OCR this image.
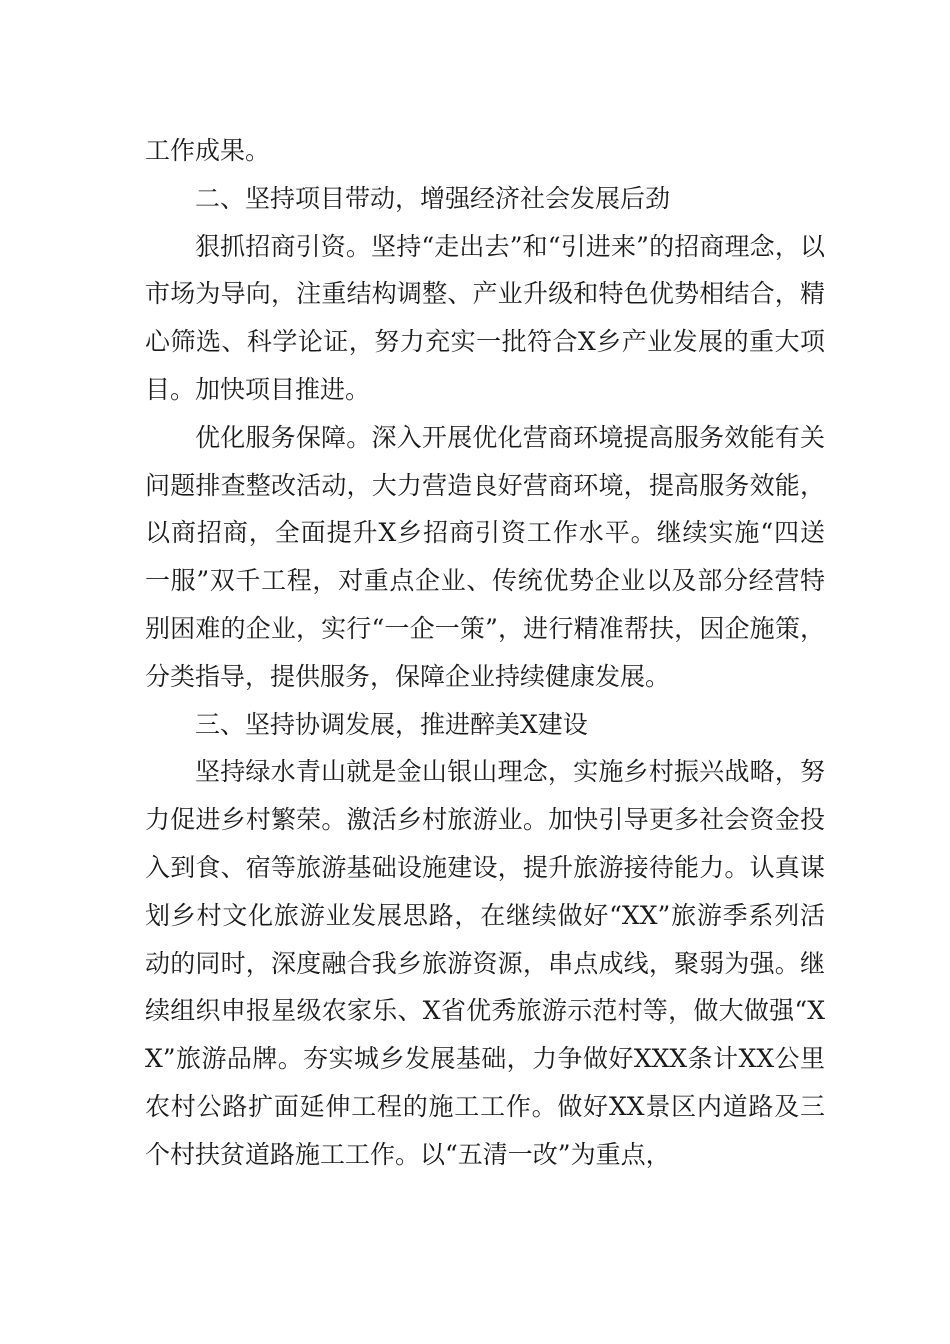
工作成果。

二、坚持项目带动，增强经济社会发展后劲

狠抓招商引资。坚持“走出去”和“引进来”的招商理念，以市场为导向，注重结构调整、产业升级和特色优势相结合，精心筛选、科学论证，努力充实一批符合X乡产业发展的重大项目。加快项目推进。

优化服务保障。深入开展优化营商环境提高服务效能有关问题排查整改活动，大力营造良好营商环境，提高服务效能，以商招商，全面提升X乡招商引资工作水平。继续实施“四送一服”双千工程，对重点企业、传统优势企业以及部分经营特别困难的企业，实行“一企一策”，进行精准帮扶，因企施策，分类指导，提供服务，保障企业持续健康发展。

三、坚持协调发展，推进醉美X建设

坚持绿水青山就是金山银山理念，实施乡村振兴战略，努力促进乡村繁荣。激活乡村旅游业。加快引导更多社会资金投入到食、宿等旅游基础设施建设，提升旅游接待能力。认真谋划乡村文化旅游业发展思路，在继续做好“XX”旅游季系列活动的同时，深度融合我乡旅游资源，串点成线，聚弱为强。继续组织申报星级农家乐、X省优秀旅游示范村等，做大做强“XX”旅游品牌。夯实城乡发展基础，力争做好XXX条计XX公里农村公路扩面延伸工程的施工工作。做好XX景区内道路及三个村扶贫道路施工工作。以“五清一改”为重点，
